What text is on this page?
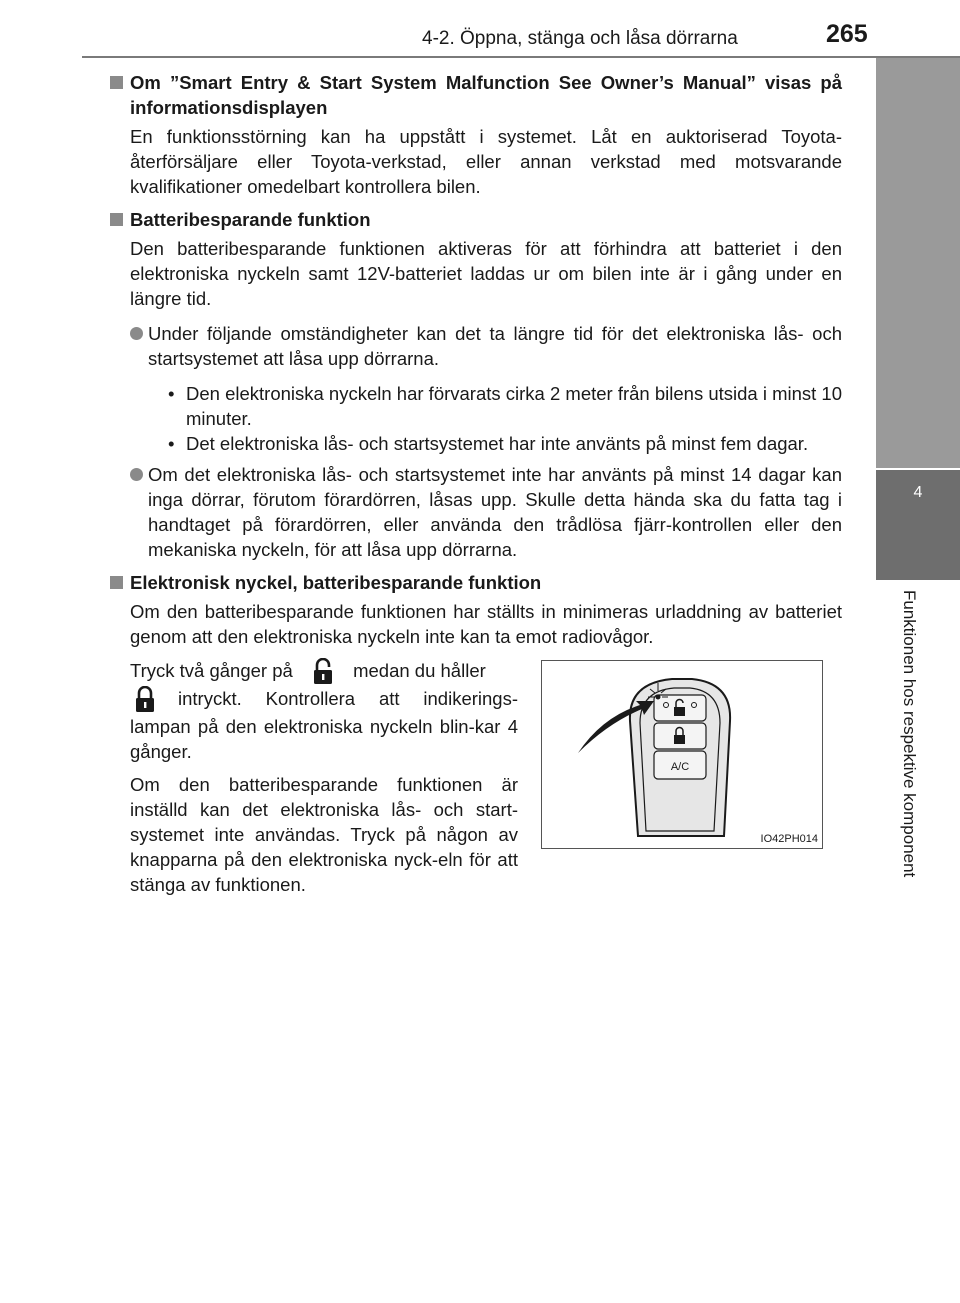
265
4-2. Öppna, stänga och låsa dörrarna
4
Funktionen hos respektive komponent
Om ”Smart Entry & Start System Malfunction See Owner’s Manual” visas på informationsdisplayen

En funktionsstörning kan ha uppstått i systemet. Låt en auktoriserad Toyota-återförsäljare eller Toyota-verkstad, eller annan verkstad med motsvarande kvalifikationer omedelbart kontrollera bilen.

Batteribesparande funktion

Den batteribesparande funktionen aktiveras för att förhindra att batteriet i den elektroniska nyckeln samt 12V-batteriet laddas ur om bilen inte är i gång under en längre tid.

Under följande omständigheter kan det ta längre tid för det elektroniska lås- och startsystemet att låsa upp dörrarna.
• Den elektroniska nyckeln har förvarats cirka 2 meter från bilens utsida i minst 10 minuter.
• Det elektroniska lås- och startsystemet har inte använts på minst fem dagar.
Om det elektroniska lås- och startsystemet inte har använts på minst 14 dagar kan inga dörrar, förutom förardörren, låsas upp. Skulle detta hända ska du fatta tag i handtaget på förardörren, eller använda den trådlösa fjärr-kontrollen eller den mekaniska nyckeln, för att låsa upp dörrarna.
Elektronisk nyckel, batteribesparande funktion

Om den batteribesparande funktionen har ställts in minimeras urladdning av batteriet genom att den elektroniska nyckeln inte kan ta emot radiovågor.

Tryck två gånger på	medan du håller
intryckt. Kontrollera att indikerings-lampan på den elektroniska nyckeln blin-kar 4 gånger.

Om den batteribesparande funktionen är inställd kan det elektroniska lås- och start-systemet inte användas. Tryck på någon av knapparna på den elektroniska nyck-eln för att stänga av funktionen.

A/C
IO42PH014
